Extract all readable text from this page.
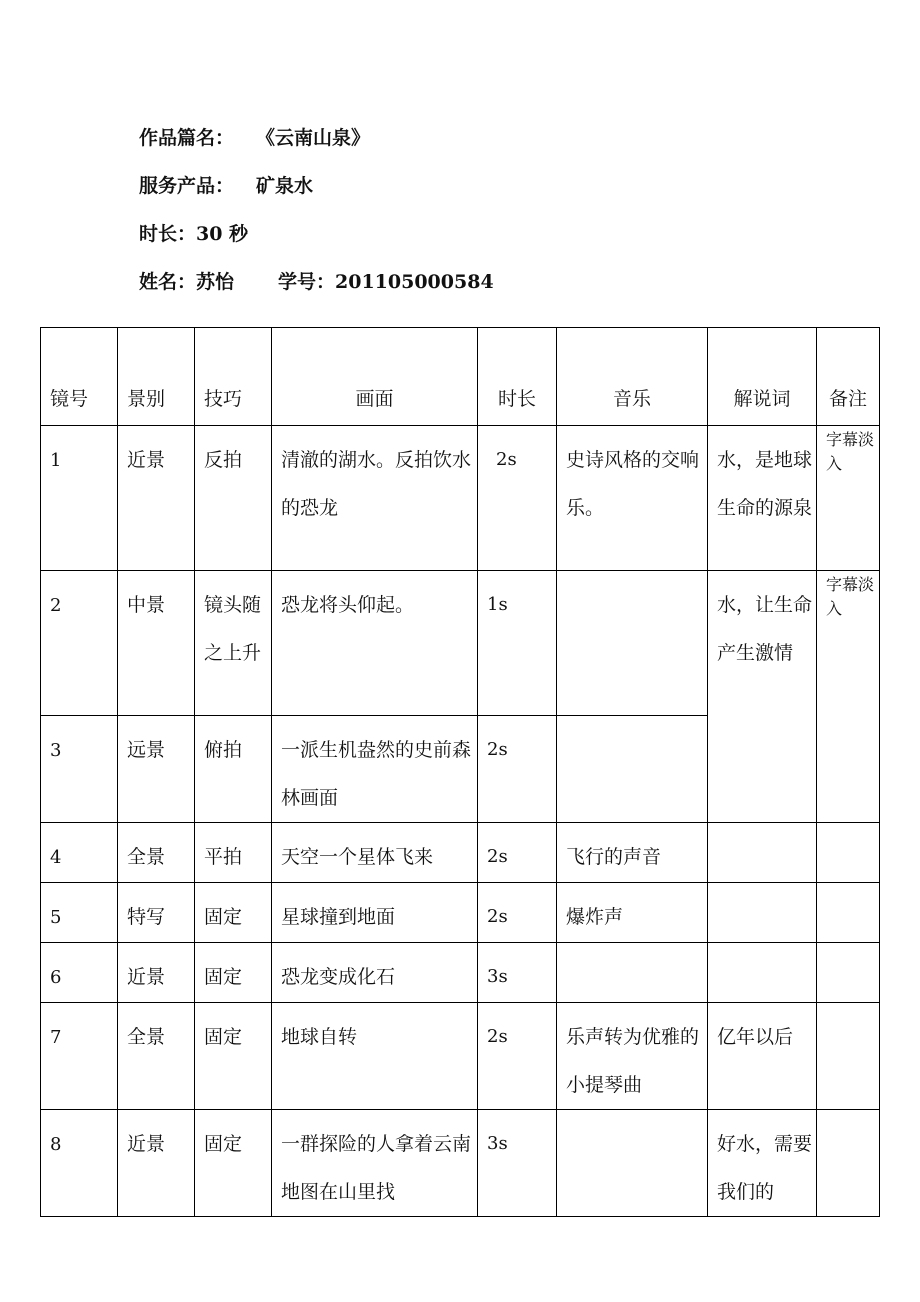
作品篇名： 《云南山泉》
服务产品： 矿泉水
时长：30 秒
姓名：苏怡 学号：201105000584
镜号	景别	技巧	画面	时长	音乐	解说词	备注
1	近景	反拍	清澈的湖水。反拍饮水的恐龙	2s	史诗风格的交响乐。	水，是地球生命的源泉	字幕淡 入
2	中景	镜头随之上升	恐龙将头仰起。	1s		水，让生命产生激情	字幕淡 入
3	远景	俯拍	一派生机盎然的史前森林画面	2s			
4	全景	平拍	天空一个星体飞来	2s	飞行的声音		
5	特写	固定	星球撞到地面	2s	爆炸声		
6	近景	固定	恐龙变成化石	3s			
7	全景	固定	地球自转	2s	乐声转为优雅的小提琴曲	亿年以后	
8	近景	固定	一群探险的人拿着云南地图在山里找	3s		好水，需要我们的	
